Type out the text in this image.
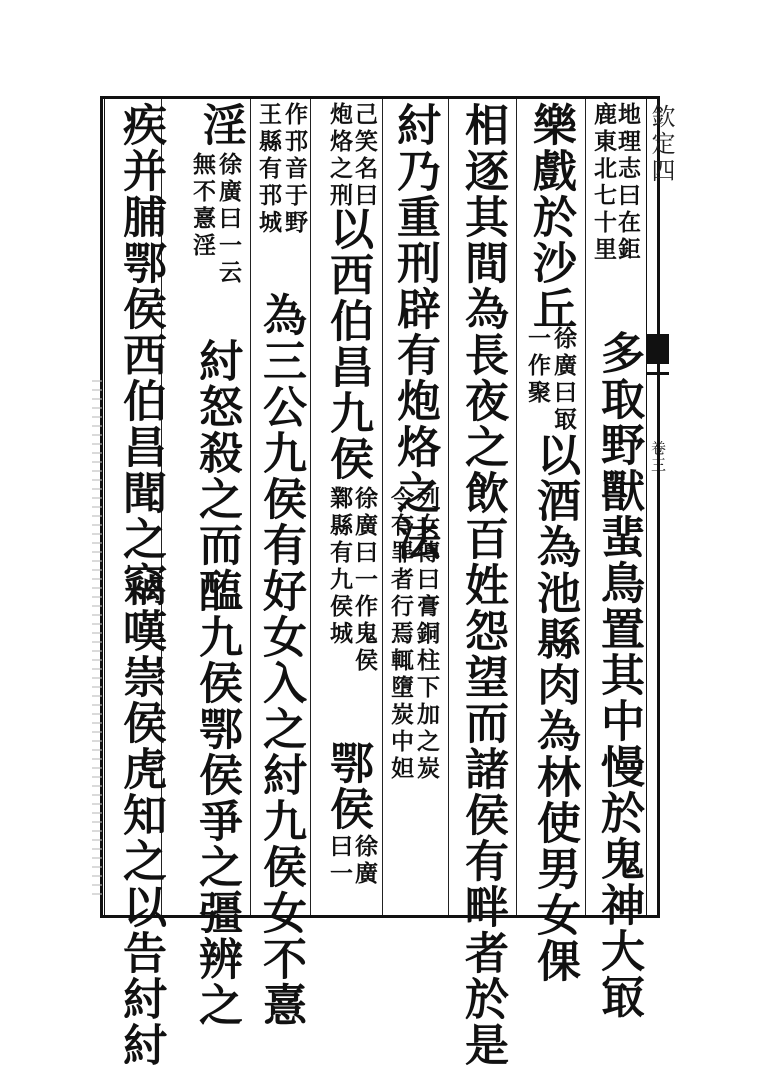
欽定四
卷三
地理志曰在鉅
鹿東北七十里
多取野獸蜚鳥置其中慢於鬼神大冣
樂戲於沙丘
徐廣曰冣
一作聚
以酒為池縣肉為林使男女倮
相逐其間為長夜之飲百姓怨望而諸侯有畔者於是
紂乃重刑辟有炮烙之法
列女傳曰膏銅柱下加之炭
令有罪者行焉輒墮炭中妲
己笑名曰
炮烙之刑
以西伯昌九侯
徐廣曰一作鬼侯
鄴縣有九侯城
鄂侯
徐廣
曰一
作邘音于野
王縣有邘城
為三公九侯有好女入之紂九侯女不憙
淫
徐廣曰一云
無不憙淫
紂怒殺之而醢九侯鄂侯爭之彊辨之
疾并脯鄂侯西伯昌聞之竊嘆崇侯虎知之以告紂紂
